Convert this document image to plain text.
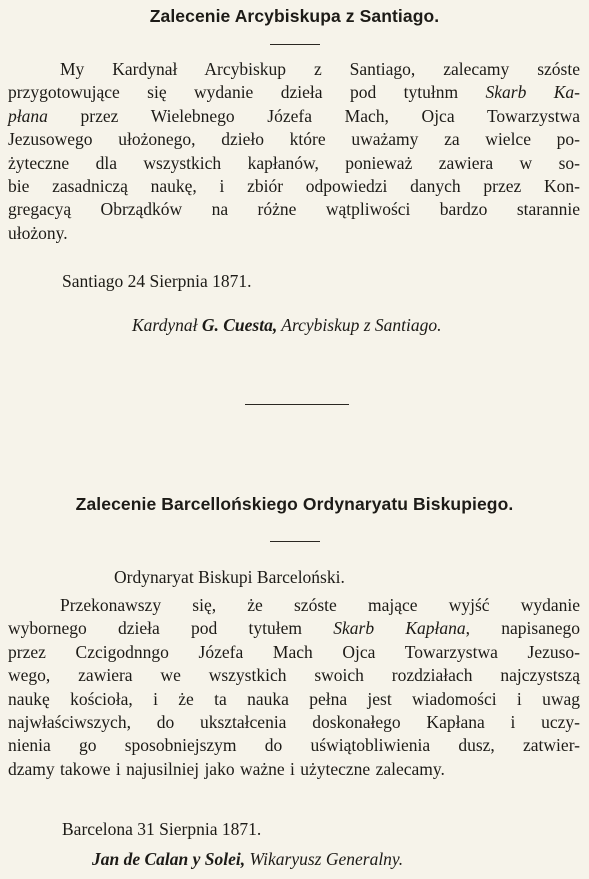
Zalecenie Arcybiskupa z Santiago.
My Kardynał Arcybiskup z Santiago, zalecamy szóste
przygotowujące się wydanie dzieła pod tytułnm Skarb Ka-
płana przez Wielebnego Józefa Mach, Ojca Towarzystwa
Jezusowego ułożonego, dzieło które uważamy za wielce po-
żyteczne dla wszystkich kapłanów, ponieważ zawiera w so-
bie zasadniczą naukę, i zbiór odpowiedzi danych przez Kon-
gregacyą Obrządków na różne wątpliwości bardzo starannie
ułożony.
Santiago 24 Sierpnia 1871.
Kardynał G. Cuesta, Arcybiskup z Santiago.
Zalecenie Barcellońskiego Ordynaryatu Biskupiego.
Ordynaryat Biskupi Barceloński.
Przekonawszy się, że szóste mające wyjść wydanie
wybornego dzieła pod tytułem Skarb Kapłana, napisanego
przez Czcigodnngo Józefa Mach Ojca Towarzystwa Jezuso-
wego, zawiera we wszystkich swoich rozdziałach najczystszą
naukę kościoła, i że ta nauka pełna jest wiadomości i uwag
najwłaściwszych, do ukształcenia doskonałego Kapłana i uczy-
nienia go sposobniejszym do uświątobliwienia dusz, zatwier-
dzamy takowe i najusilniej jako ważne i użyteczne zalecamy.
Barcelona 31 Sierpnia 1871.
Jan de Calan y Solei, Wikaryusz Generalny.
